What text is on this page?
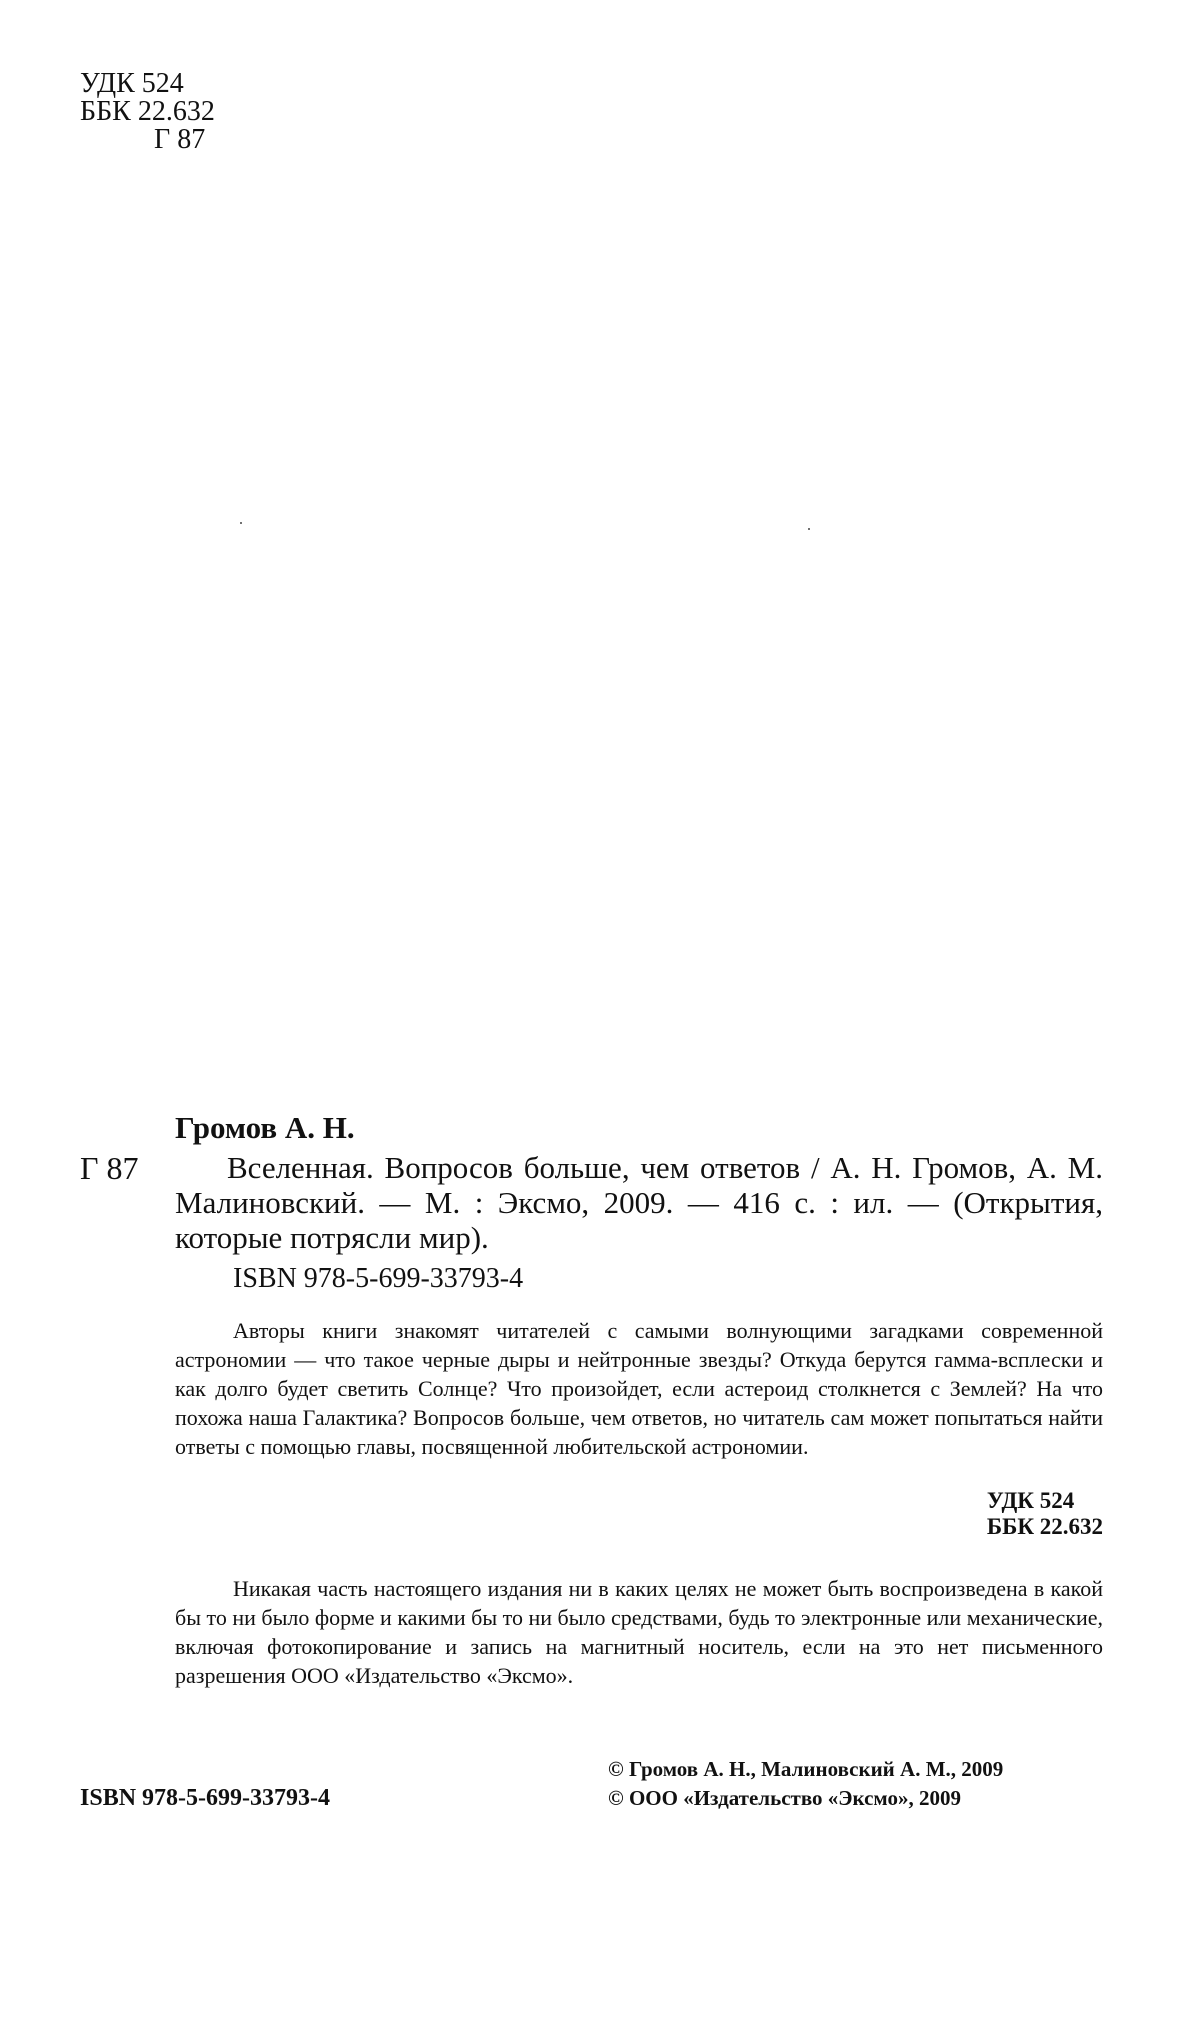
УДК 524
ББК 22.632
Г 87
Громов А. Н.
Г 87	Вселенная. Вопросов больше, чем ответов / А. Н. Громов, А. М. Малиновский. — М. : Эксмо, 2009. — 416 с. : ил. — (Открытия, которые потрясли мир).
ISBN 978-5-699-33793-4
Авторы книги знакомят читателей с самыми волнующими загадками современной астрономии — что такое черные дыры и нейтронные звезды? Откуда берутся гамма-всплески и как долго будет светить Солнце? Что произойдет, если астероид столкнется с Землей? На что похожа наша Галактика? Вопросов больше, чем ответов, но читатель сам может попытаться найти ответы с помощью главы, посвященной любительской астрономии.
УДК 524
ББК 22.632
Никакая часть настоящего издания ни в каких целях не может быть воспроизведена в какой бы то ни было форме и какими бы то ни было средствами, будь то электронные или механические, включая фотокопирование и запись на магнитный носитель, если на это нет письменного разрешения ООО «Издательство «Эксмо».
ISBN 978-5-699-33793-4
© Громов А. Н., Малиновский А. М., 2009
© ООО «Издательство «Эксмо», 2009
